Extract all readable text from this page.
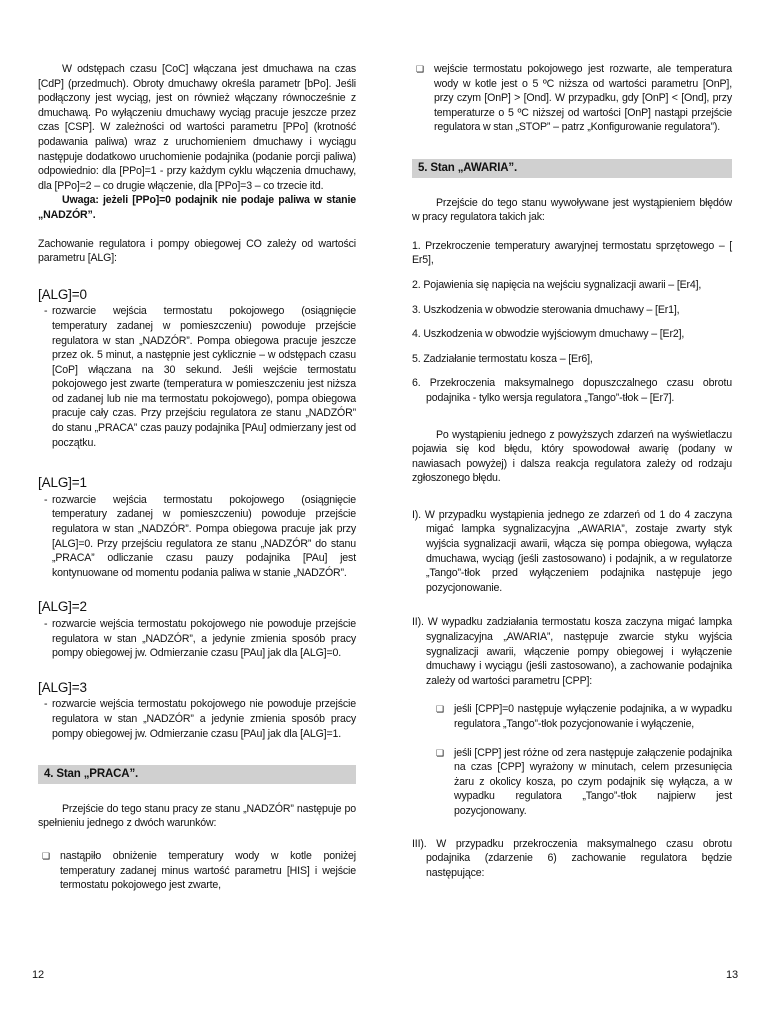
W odstępach czasu [CoC] włączana jest dmuchawa na czas [CdP] (przedmuch). Obroty dmuchawy określa parametr [bPo]. Jeśli podłączony jest wyciąg, jest on również włączany równocześnie z dmuchawą. Po wyłączeniu dmuchawy wyciąg pracuje jeszcze przez czas [CSP]. W zależności od wartości parametru [PPo] (krotność podawania paliwa) wraz z uruchomieniem dmuchawy i wyciągu następuje dodatkowo uruchomienie podajnika (podanie porcji paliwa) odpowiednio: dla [PPo]=1 - przy każdym cyklu włączenia dmuchawy, dla [PPo]=2 – co drugie włączenie, dla [PPo]=3 – co trzecie itd.

Uwaga: jeżeli [PPo]=0 podajnik nie podaje paliwa w stanie „NADZÓR”.

Zachowanie regulatora i pompy obiegowej CO zależy od wartości parametru [ALG]:

[ALG]=0

- rozwarcie wejścia termostatu pokojowego (osiągnięcie temperatury zadanej w pomieszczeniu) powoduje przejście regulatora w stan „NADZÓR”. Pompa obiegowa pracuje jeszcze przez ok. 5 minut, a następnie jest cyklicznie – w odstępach czasu [CoP] włączana na 30 sekund. Jeśli wejście termostatu pokojowego jest zwarte (temperatura w pomieszczeniu jest niższa od zadanej lub nie ma termostatu pokojowego), pompa obiegowa pracuje cały czas. Przy przejściu regulatora ze stanu „NADZÓR” do stanu „PRACA” czas pauzy podajnika [PAu] odmierzany jest od początku.

[ALG]=1

- rozwarcie wejścia termostatu pokojowego (osiągnięcie temperatury zadanej w pomieszczeniu) powoduje przejście regulatora w stan „NADZÓR”. Pompa obiegowa pracuje jak przy [ALG]=0. Przy przejściu regulatora ze stanu „NADZÓR” do stanu „PRACA” odliczanie czasu pauzy podajnika [PAu] jest kontynuowane od momentu podania paliwa w stanie „NADZÓR”.

[ALG]=2

- rozwarcie wejścia termostatu pokojowego nie powoduje przejście regulatora w stan „NADZÓR”, a jedynie zmienia sposób pracy pompy obiegowej jw. Odmierzanie czasu [PAu] jak dla [ALG]=0.

[ALG]=3

- rozwarcie wejścia termostatu pokojowego nie powoduje przejście regulatora w stan „NADZÓR” a jedynie zmienia sposób pracy pompy obiegowej jw. Odmierzanie czasu [PAu] jak dla [ALG]=1.

4. Stan „PRACA”.

Przejście do tego stanu pracy ze stanu „NADZÓR” następuje po spełnieniu jednego z dwóch warunków:

❏ nastąpiło obniżenie temperatury wody w kotle poniżej temperatury zadanej minus wartość parametru [HIS] i wejście termostatu pokojowego jest zwarte,

❏ wejście termostatu pokojowego jest rozwarte, ale temperatura wody w kotle jest o 5 ºC niższa od wartości parametru [OnP], przy czym [OnP] > [Ond]. W przypadku, gdy [OnP] < [Ond], przy temperaturze o 5 ºC niższej od wartości [OnP] nastąpi przejście regulatora w stan „STOP” – patrz „Konfigurowanie regulatora”).

5. Stan „AWARIA”.

Przejście do tego stanu wywoływane jest wystąpieniem błędów w pracy regulatora takich jak:

1. Przekroczenie temperatury awaryjnej termostatu sprzętowego – [ Er5],

2. Pojawienia się napięcia na wejściu sygnalizacji awarii – [Er4],

3. Uszkodzenia w obwodzie sterowania dmuchawy – [Er1],

4. Uszkodzenia w obwodzie wyjściowym dmuchawy – [Er2],

5. Zadziałanie termostatu kosza – [Er6],

6. Przekroczenia maksymalnego dopuszczalnego czasu obrotu podajnika - tylko wersja regulatora „Tango”-tłok – [Er7].

Po wystąpieniu jednego z powyższych zdarzeń na wyświetlaczu pojawia się kod błędu, który spowodował awarię (podany w nawiasach powyżej) i dalsza reakcja regulatora zależy od rodzaju zgłoszonego błędu.

I). W przypadku wystąpienia jednego ze zdarzeń od 1 do 4 zaczyna migać lampka sygnalizacyjna „AWARIA”, zostaje zwarty styk wyjścia sygnalizacji awarii, włącza się pompa obiegowa, wyłącza dmuchawa, wyciąg (jeśli zastosowano) i podajnik, a w regulatorze „Tango”-tłok przed wyłączeniem podajnika następuje jego pozycjonowanie.

II). W wypadku zadziałania termostatu kosza zaczyna migać lampka sygnalizacyjna „AWARIA”, następuje zwarcie styku wyjścia sygnalizacji awarii, włączenie pompy obiegowej i wyłączenie dmuchawy i wyciągu (jeśli zastosowano), a zachowanie podajnika zależy od wartości parametru [CPP]:

❏ jeśli [CPP]=0 następuje wyłączenie podajnika, a w wypadku regulatora „Tango”-tłok pozycjonowanie i wyłączenie,

❏ jeśli [CPP] jest różne od zera następuje załączenie podajnika na czas [CPP] wyrażony w minutach, celem przesunięcia żaru z okolicy kosza, po czym podajnik się wyłącza, a w wypadku regulatora „Tango”-tłok najpierw jest pozycjonowany.

III). W przypadku przekroczenia maksymalnego czasu obrotu podajnika (zdarzenie 6) zachowanie regulatora będzie następujące:

12	13
